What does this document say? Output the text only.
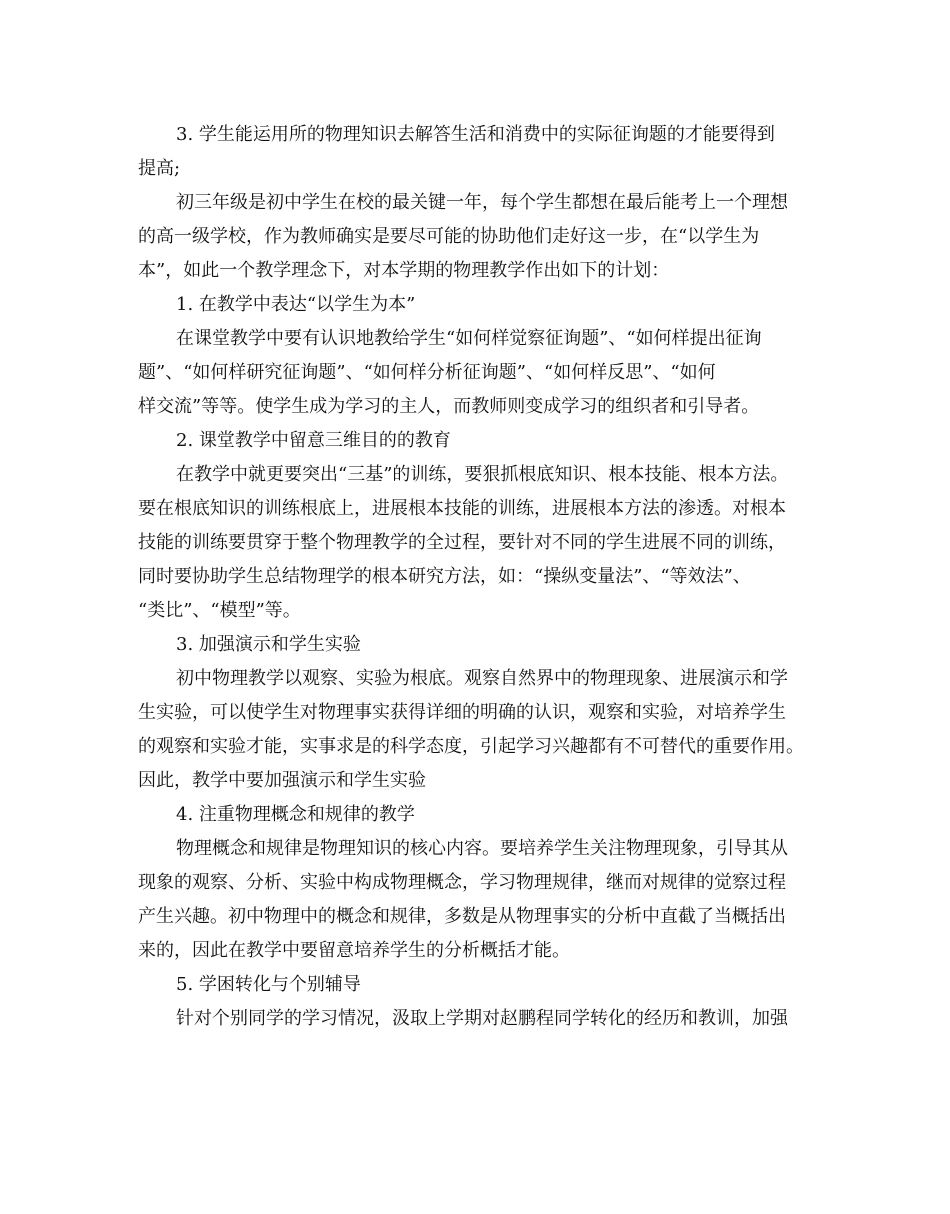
3. 学生能运用所的物理知识去解答生活和消费中的实际征询题的才能要得到
提高;
初三年级是初中学生在校的最关键一年，每个学生都想在最后能考上一个理想
的高一级学校，作为教师确实是要尽可能的协助他们走好这一步，在“以学生为
本”，如此一个教学理念下，对本学期的物理教学作出如下的计划：
1. 在教学中表达“以学生为本”
在课堂教学中要有认识地教给学生“如何样觉察征询题”、“如何样提出征询
题”、“如何样研究征询题”、“如何样分析征询题”、“如何样反思”、“如何
样交流”等等。使学生成为学习的主人，而教师则变成学习的组织者和引导者。
2. 课堂教学中留意三维目的的教育
在教学中就更要突出“三基”的训练，要狠抓根底知识、根本技能、根本方法。
要在根底知识的训练根底上，进展根本技能的训练，进展根本方法的渗透。对根本
技能的训练要贯穿于整个物理教学的全过程，要针对不同的学生进展不同的训练，
同时要协助学生总结物理学的根本研究方法，如：“操纵变量法”、“等效法”、
“类比”、“模型”等。
3. 加强演示和学生实验
初中物理教学以观察、实验为根底。观察自然界中的物理现象、进展演示和学
生实验，可以使学生对物理事实获得详细的明确的认识，观察和实验，对培养学生
的观察和实验才能，实事求是的科学态度，引起学习兴趣都有不可替代的重要作用。
因此，教学中要加强演示和学生实验
4. 注重物理概念和规律的教学
物理概念和规律是物理知识的核心内容。要培养学生关注物理现象，引导其从
现象的观察、分析、实验中构成物理概念，学习物理规律，继而对规律的觉察过程
产生兴趣。初中物理中的概念和规律，多数是从物理事实的分析中直截了当概括出
来的，因此在教学中要留意培养学生的分析概括才能。
5. 学困转化与个别辅导
针对个别同学的学习情况，汲取上学期对赵鹏程同学转化的经历和教训，加强
